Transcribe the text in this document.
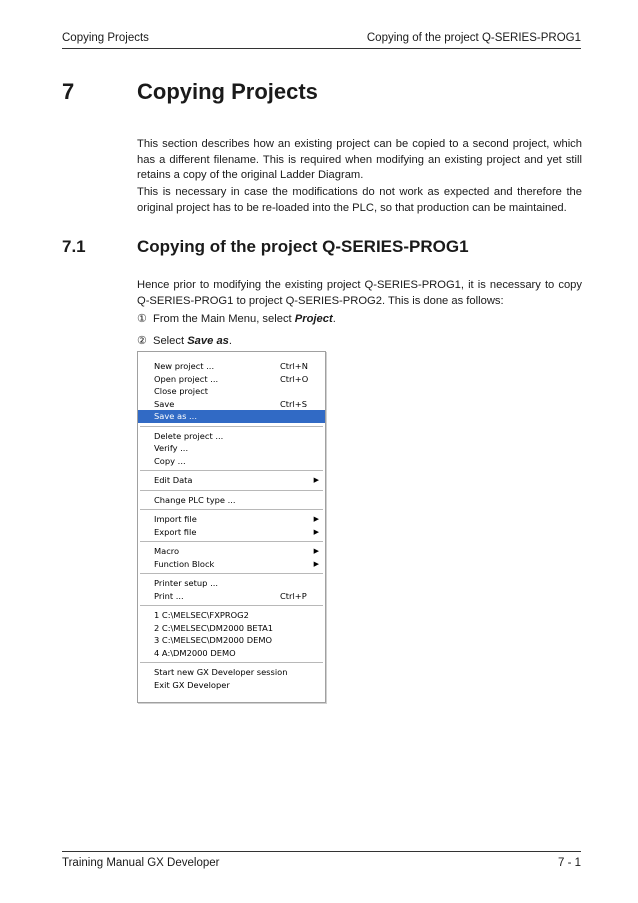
Copying Projects	Copying of the project Q-SERIES-PROG1
7	Copying Projects
This section describes how an existing project can be copied to a second project, which has a different filename. This is required when modifying an existing project and yet still retains a copy of the original Ladder Diagram.
This is necessary in case the modifications do not work as expected and therefore the original project has to be re-loaded into the PLC, so that production can be maintained.
7.1	Copying of the project Q-SERIES-PROG1
Hence prior to modifying the existing project Q-SERIES-PROG1, it is necessary to copy Q-SERIES-PROG1 to project Q-SERIES-PROG2. This is done as follows:
① From the Main Menu, select Project.
② Select Save as.
New project ...	Ctrl+N
Open project ...	Ctrl+O
Close project
Save	Ctrl+S
Save as ...
Delete project ...
Verify ...
Copy ...
Edit Data	▶
Change PLC type ...
Import file	▶
Export file	▶
Macro	▶
Function Block	▶
Printer setup ...
Print ...	Ctrl+P
1 C:\MELSEC\FXPROG2
2 C:\MELSEC\DM2000 BETA1
3 C:\MELSEC\DM2000 DEMO
4 A:\DM2000 DEMO
Start new GX Developer session
Exit GX Developer
Training Manual GX Developer	7 - 1
